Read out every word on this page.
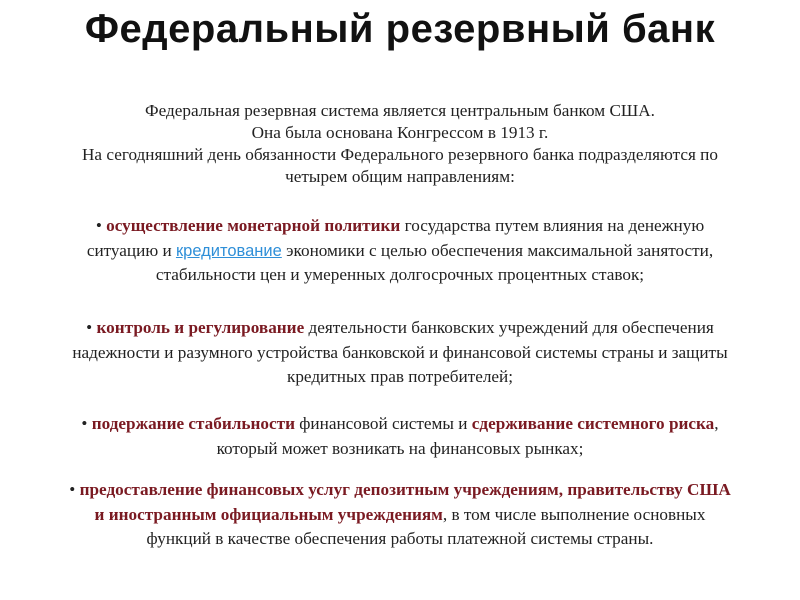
Федеральный резервный банк
Федеральная резервная система является центральным банком США.
Она была основана Конгрессом в 1913 г.
На сегодняшний день обязанности Федерального резервного банка подразделяются по
четырем общим направлениям:
• осуществление монетарной политики государства путем влияния на денежную
ситуацию и кредитование экономики с целью обеспечения максимальной занятости,
стабильности цен и умеренных долгосрочных процентных ставок;
• контроль и регулирование деятельности банковских учреждений для обеспечения
надежности и разумного устройства банковской и финансовой системы страны и защиты
кредитных прав потребителей;
• подержание стабильности финансовой системы и сдерживание системного риска,
который может возникать на финансовых рынках;
• предоставление финансовых услуг депозитным учреждениям, правительству США
и иностранным официальным учреждениям, в том числе выполнение основных
функций в качестве обеспечения работы платежной системы страны.
